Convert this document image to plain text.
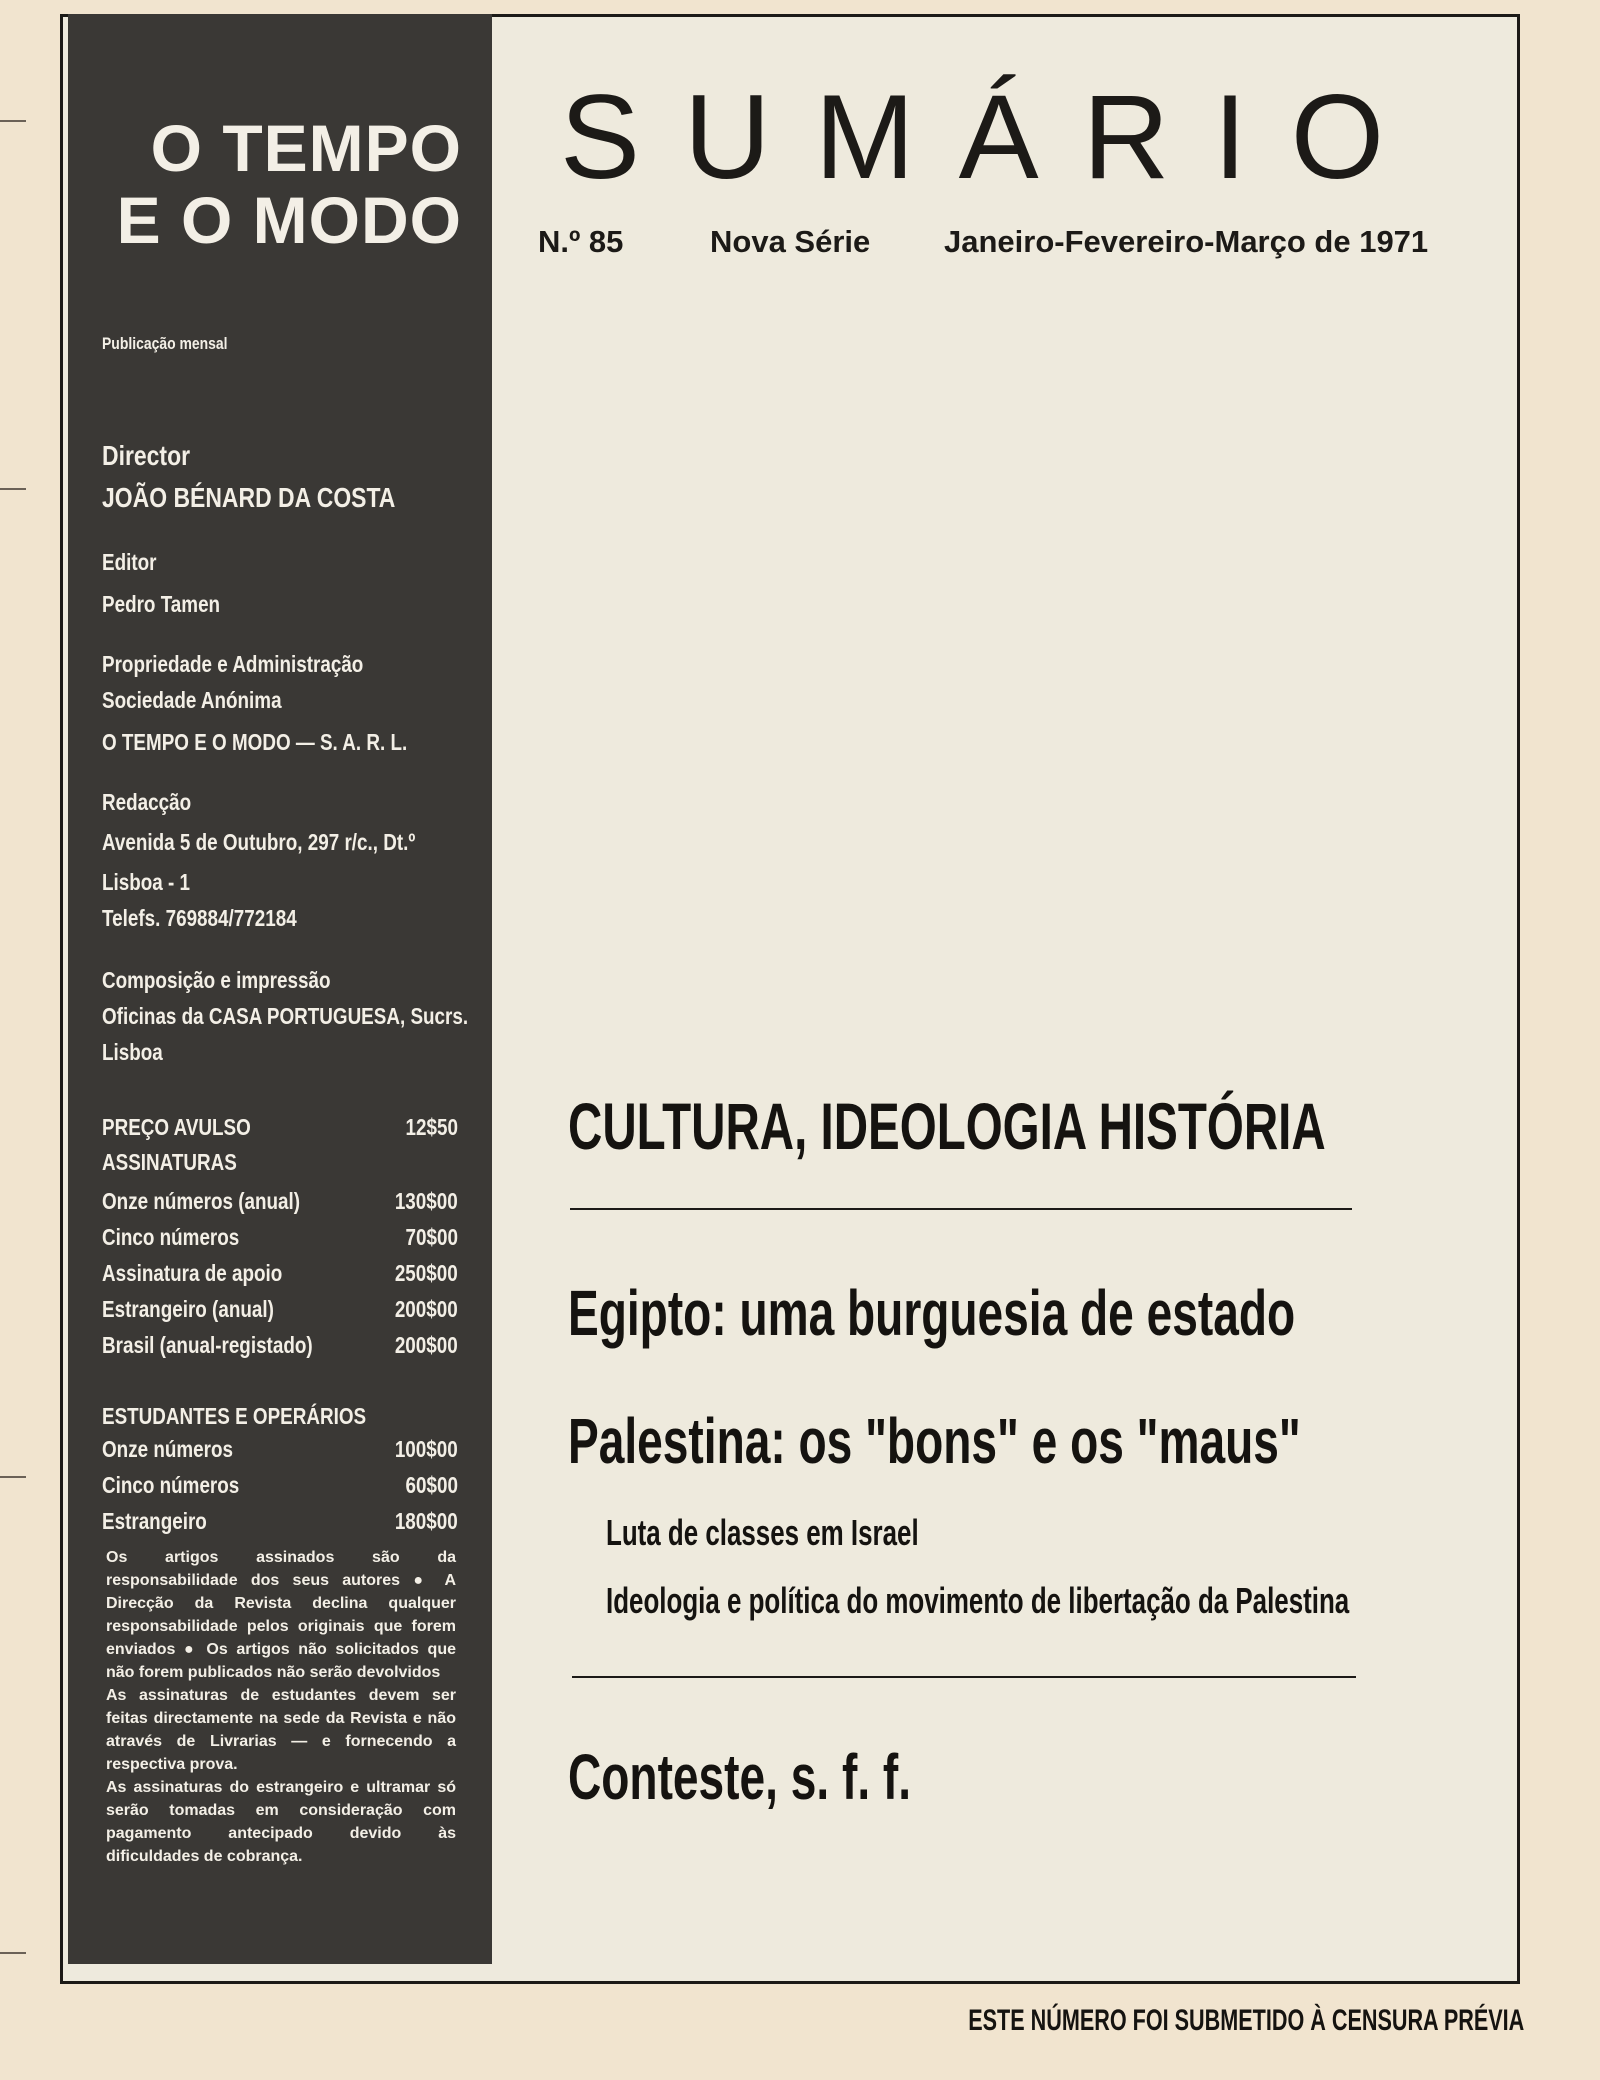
O TEMPO
E O MODO
Publicação mensal
Director
JOÃO BÉNARD DA COSTA
Editor
Pedro Tamen
Propriedade e Administração
Sociedade Anónima
O TEMPO E O MODO — S. A. R. L.
Redacção
Avenida 5 de Outubro, 297 r/c., Dt.º
Lisboa - 1
Telefs. 769884/772184
Composição e impressão
Oficinas da CASA PORTUGUESA, Sucrs.
Lisboa
PREÇO AVULSO	12$50
ASSINATURAS
Onze números (anual)	130$00
Cinco números	70$00
Assinatura de apoio	250$00
Estrangeiro (anual)	200$00
Brasil (anual-registado)	200$00
ESTUDANTES E OPERÁRIOS
Onze números	100$00
Cinco números	60$00
Estrangeiro	180$00

Os artigos assinados são da responsabilidade dos seus autores ● A Direcção da Revista declina qualquer responsabilidade pelos originais que forem enviados ● Os artigos não solicitados que não forem publicados não serão devolvidos

As assinaturas de estudantes devem ser feitas directamente na sede da Revista e não através de Livrarias — e fornecendo a respectiva prova.

As assinaturas do estrangeiro e ultramar só serão tomadas em consideração com pagamento antecipado devido às dificuldades de cobrança.

SUMÁRIO
N.º 85	Nova Série Janeiro-Fevereiro-Março de 1971
CULTURA, IDEOLOGIA HISTÓRIA
Egipto: uma burguesia de estado
Palestina: os "bons" e os "maus"
Luta de classes em Israel
Ideologia e política do movimento de libertação da Palestina
Conteste, s. f. f.
ESTE NÚMERO FOI SUBMETIDO À CENSURA PRÉVIA
